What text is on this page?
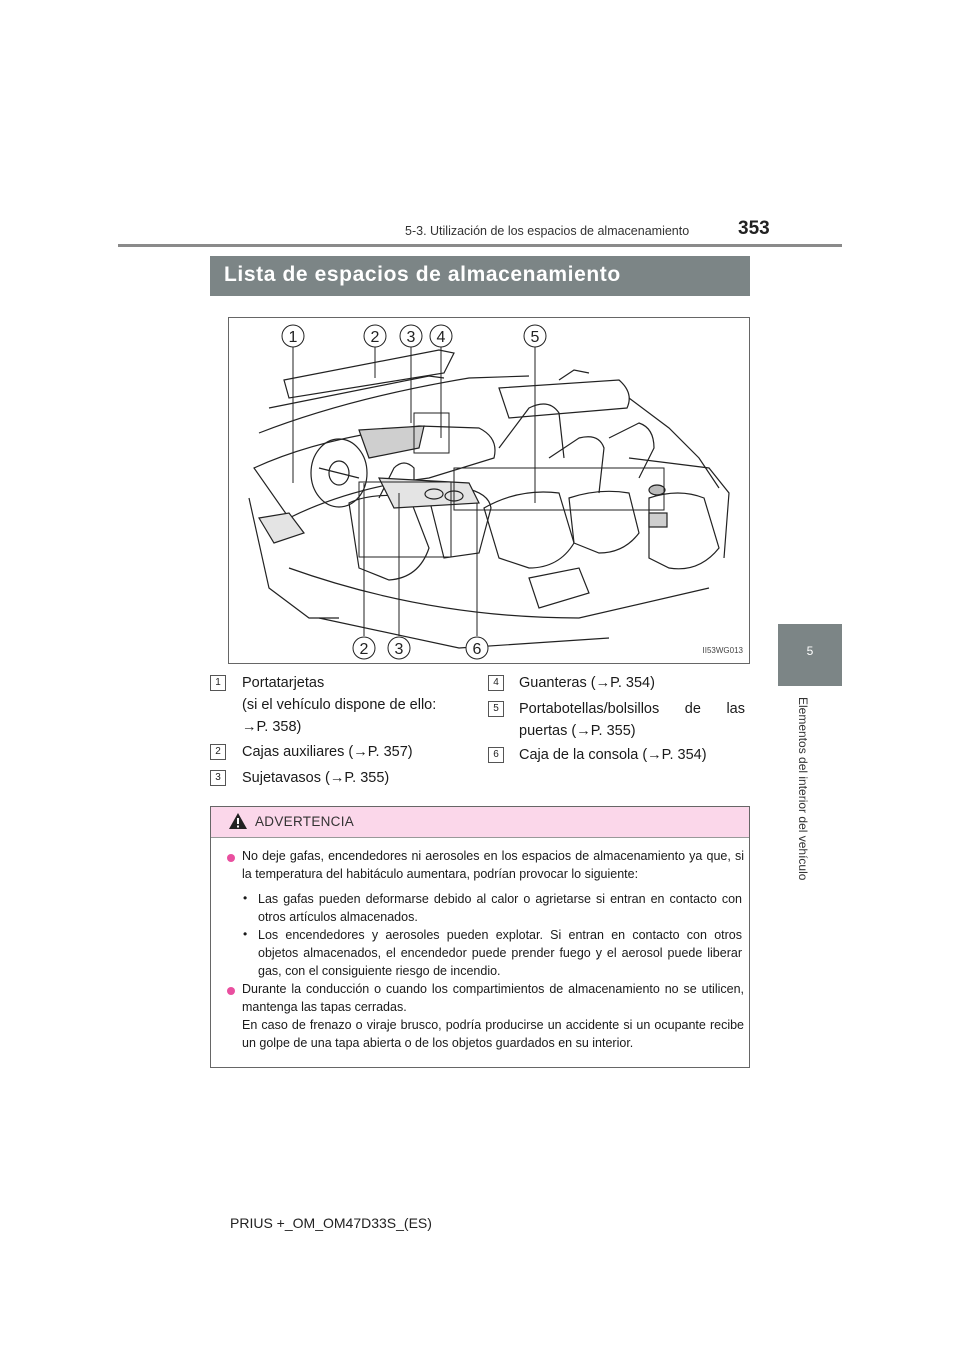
5-3. Utilización de los espacios de almacenamiento	353
5
Elementos del interior del vehículo
Lista de espacios de almacenamiento
1	2 3 4	5
2 3	6	II53WG013
1	Portatarjetas
(si el vehículo dispone de ello:
→P. 358)
2	Cajas auxiliares (→P. 357)
3	Sujetavasos (→P. 355)
4	Guanteras (→P. 354)
5	Portabotellas/bolsillos de las
puertas (→P. 355)
6	Caja de la consola (→P. 354)
ADVERTENCIA
No deje gafas, encendedores ni aerosoles en los espacios de almacenamiento ya que, si la temperatura del habitáculo aumentara, podrían provocar lo siguiente:
• Las gafas pueden deformarse debido al calor o agrietarse si entran en contacto con otros artículos almacenados.
• Los encendedores y aerosoles pueden explotar. Si entran en contacto con otros objetos almacenados, el encendedor puede prender fuego y el aerosol puede liberar gas, con el consiguiente riesgo de incendio.
Durante la conducción o cuando los compartimientos de almacenamiento no se utilicen, mantenga las tapas cerradas.
En caso de frenazo o viraje brusco, podría producirse un accidente si un ocupante recibe un golpe de una tapa abierta o de los objetos guardados en su interior.
PRIUS +_OM_OM47D33S_(ES)
